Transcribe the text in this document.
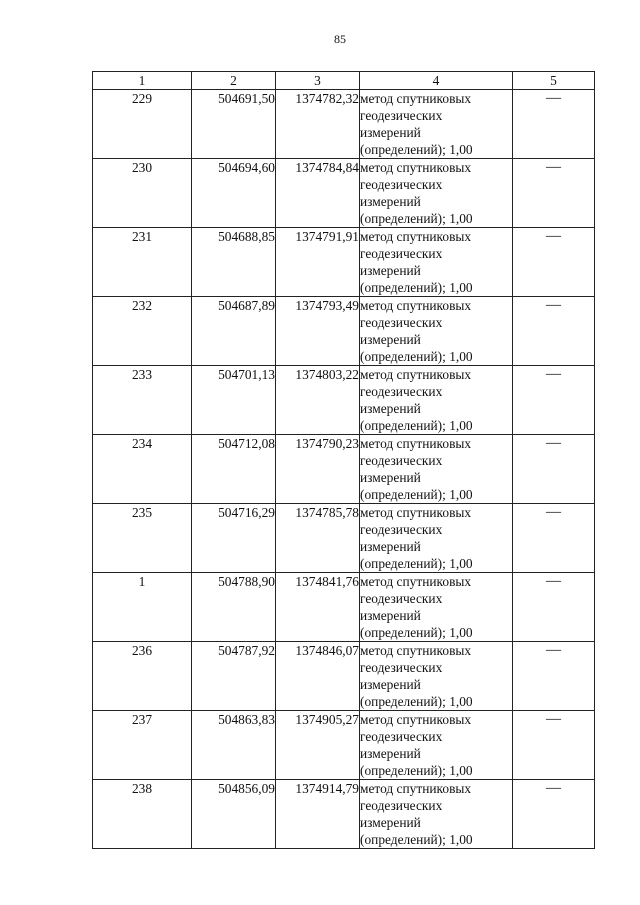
85
1	2	3	4	5
229	504691,50	1374782,32	метод спутниковых
геодезических
измерений
(определений); 1,00	—
230	504694,60	1374784,84	метод спутниковых
геодезических
измерений
(определений); 1,00	—
231	504688,85	1374791,91	метод спутниковых
геодезических
измерений
(определений); 1,00	—
232	504687,89	1374793,49	метод спутниковых
геодезических
измерений
(определений); 1,00	—
233	504701,13	1374803,22	метод спутниковых
геодезических
измерений
(определений); 1,00	—
234	504712,08	1374790,23	метод спутниковых
геодезических
измерений
(определений); 1,00	—
235	504716,29	1374785,78	метод спутниковых
геодезических
измерений
(определений); 1,00	—
1	504788,90	1374841,76	метод спутниковых
геодезических
измерений
(определений); 1,00	—
236	504787,92	1374846,07	метод спутниковых
геодезических
измерений
(определений); 1,00	—
237	504863,83	1374905,27	метод спутниковых
геодезических
измерений
(определений); 1,00	—
238	504856,09	1374914,79	метод спутниковых
геодезических
измерений
(определений); 1,00	—
